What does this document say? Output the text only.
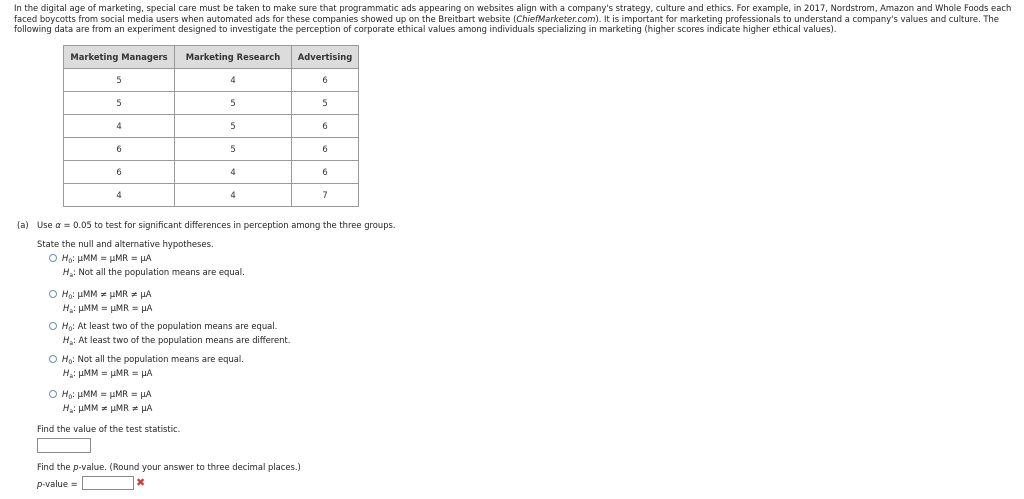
In the digital age of marketing, special care must be taken to make sure that programmatic ads appearing on websites align with a company's strategy, culture and ethics. For example, in 2017, Nordstrom, Amazon and Whole Foods each faced boycotts from social media users when automated ads for these companies showed up on the Breitbart website (ChiefMarketer.com). It is important for marketing professionals to understand a company's values and culture. The following data are from an experiment designed to investigate the perception of corporate ethical values among individuals specializing in marketing (higher scores indicate higher ethical values).

Marketing Managers	Marketing Research	Advertising
5	4	6
5	5	5
4	5	6
6	5	6
6	4	6
4	4	7
(a) Use α = 0.05 to test for significant differences in perception among the three groups.
State the null and alternative hypotheses.
$H_0$: μMM = μMR = μA
$H_a$: Not all the population means are equal.
$H_0$: μMM ≠ μMR ≠ μA
$H_a$: μMM = μMR = μA
$H_0$: At least two of the population means are equal.
$H_a$: At least two of the population means are different.
$H_0$: Not all the population means are equal.
$H_a$: μMM = μMR = μA
$H_0$: μMM = μMR = μA
$H_a$: μMM ≠ μMR ≠ μA
Find the value of the test statistic.
Find the p-value. (Round your answer to three decimal places.)
p-value =	✖
